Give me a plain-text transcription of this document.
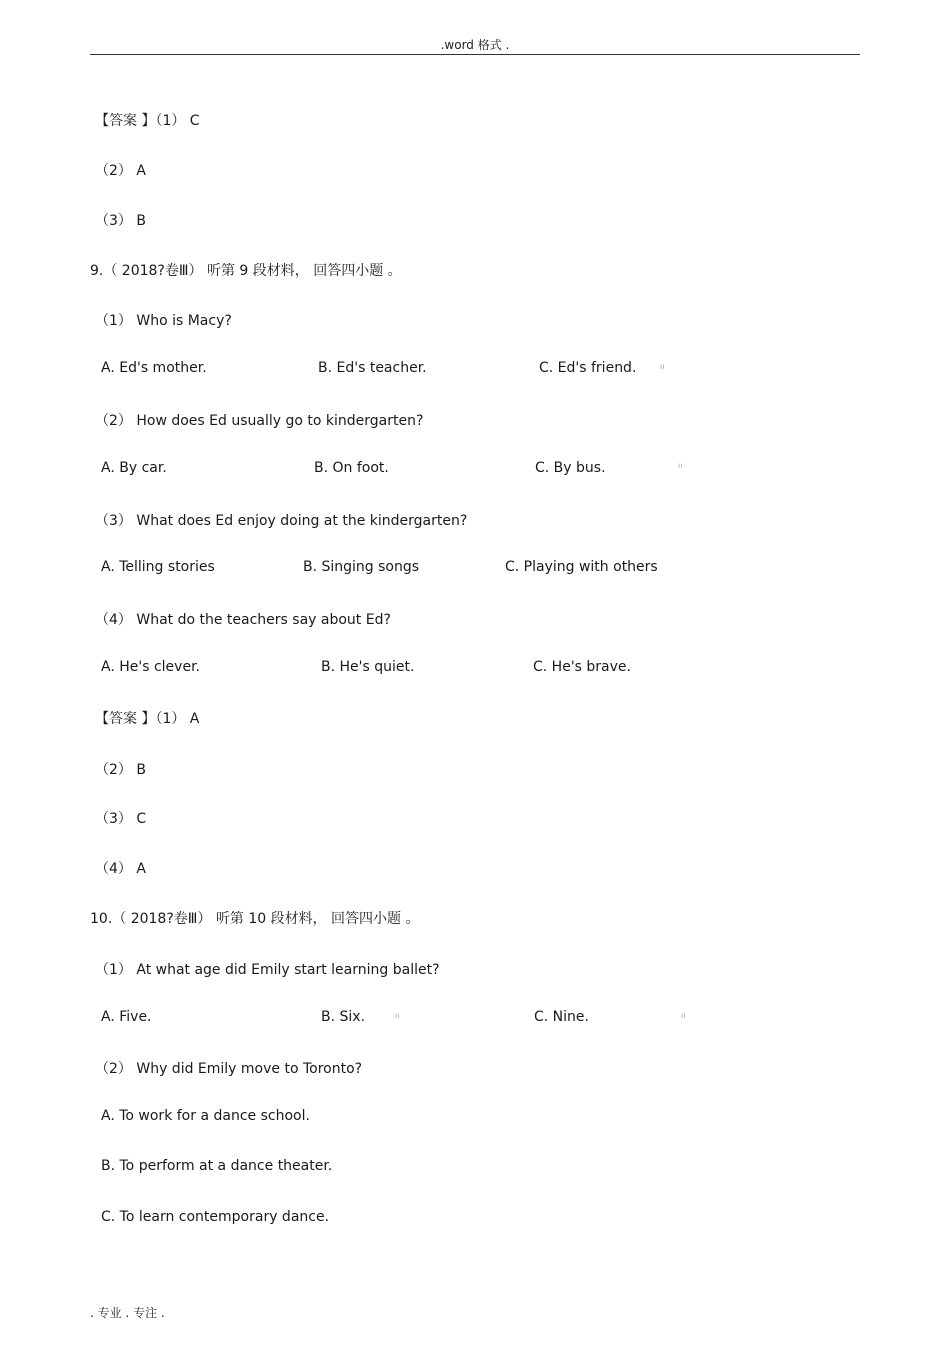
.word 格式 .
【答案 】（1） C
（2） A
（3） B
9.（ 2018?卷Ⅲ） 听第 9 段材料， 回答四小题 。
（1） Who is Macy?
A. Ed's mother.	B. Ed's teacher.	C. Ed's friend.	ıı
（2） How does Ed usually go to kindergarten?
A. By car.	B. On foot.	C. By bus.	ıı
（3） What does Ed enjoy doing at the kindergarten?
A. Telling stories	B. Singing songs	C. Playing with others
（4） What do the teachers say about Ed?
A. He's clever.	B. He's quiet.	C. He's brave.
【答案 】（1） A
（2） B
（3） C
（4） A
10.（ 2018?卷Ⅲ） 听第 10 段材料， 回答四小题 。
（1） At what age did Emily start learning ballet?
A. Five.	B. Six.	C. Nine.
ıı	ıı
（2） Why did Emily move to Toronto?
A. To work for a dance school.
B. To perform at a dance theater.
C. To learn contemporary dance.
. 专业 . 专注 .
